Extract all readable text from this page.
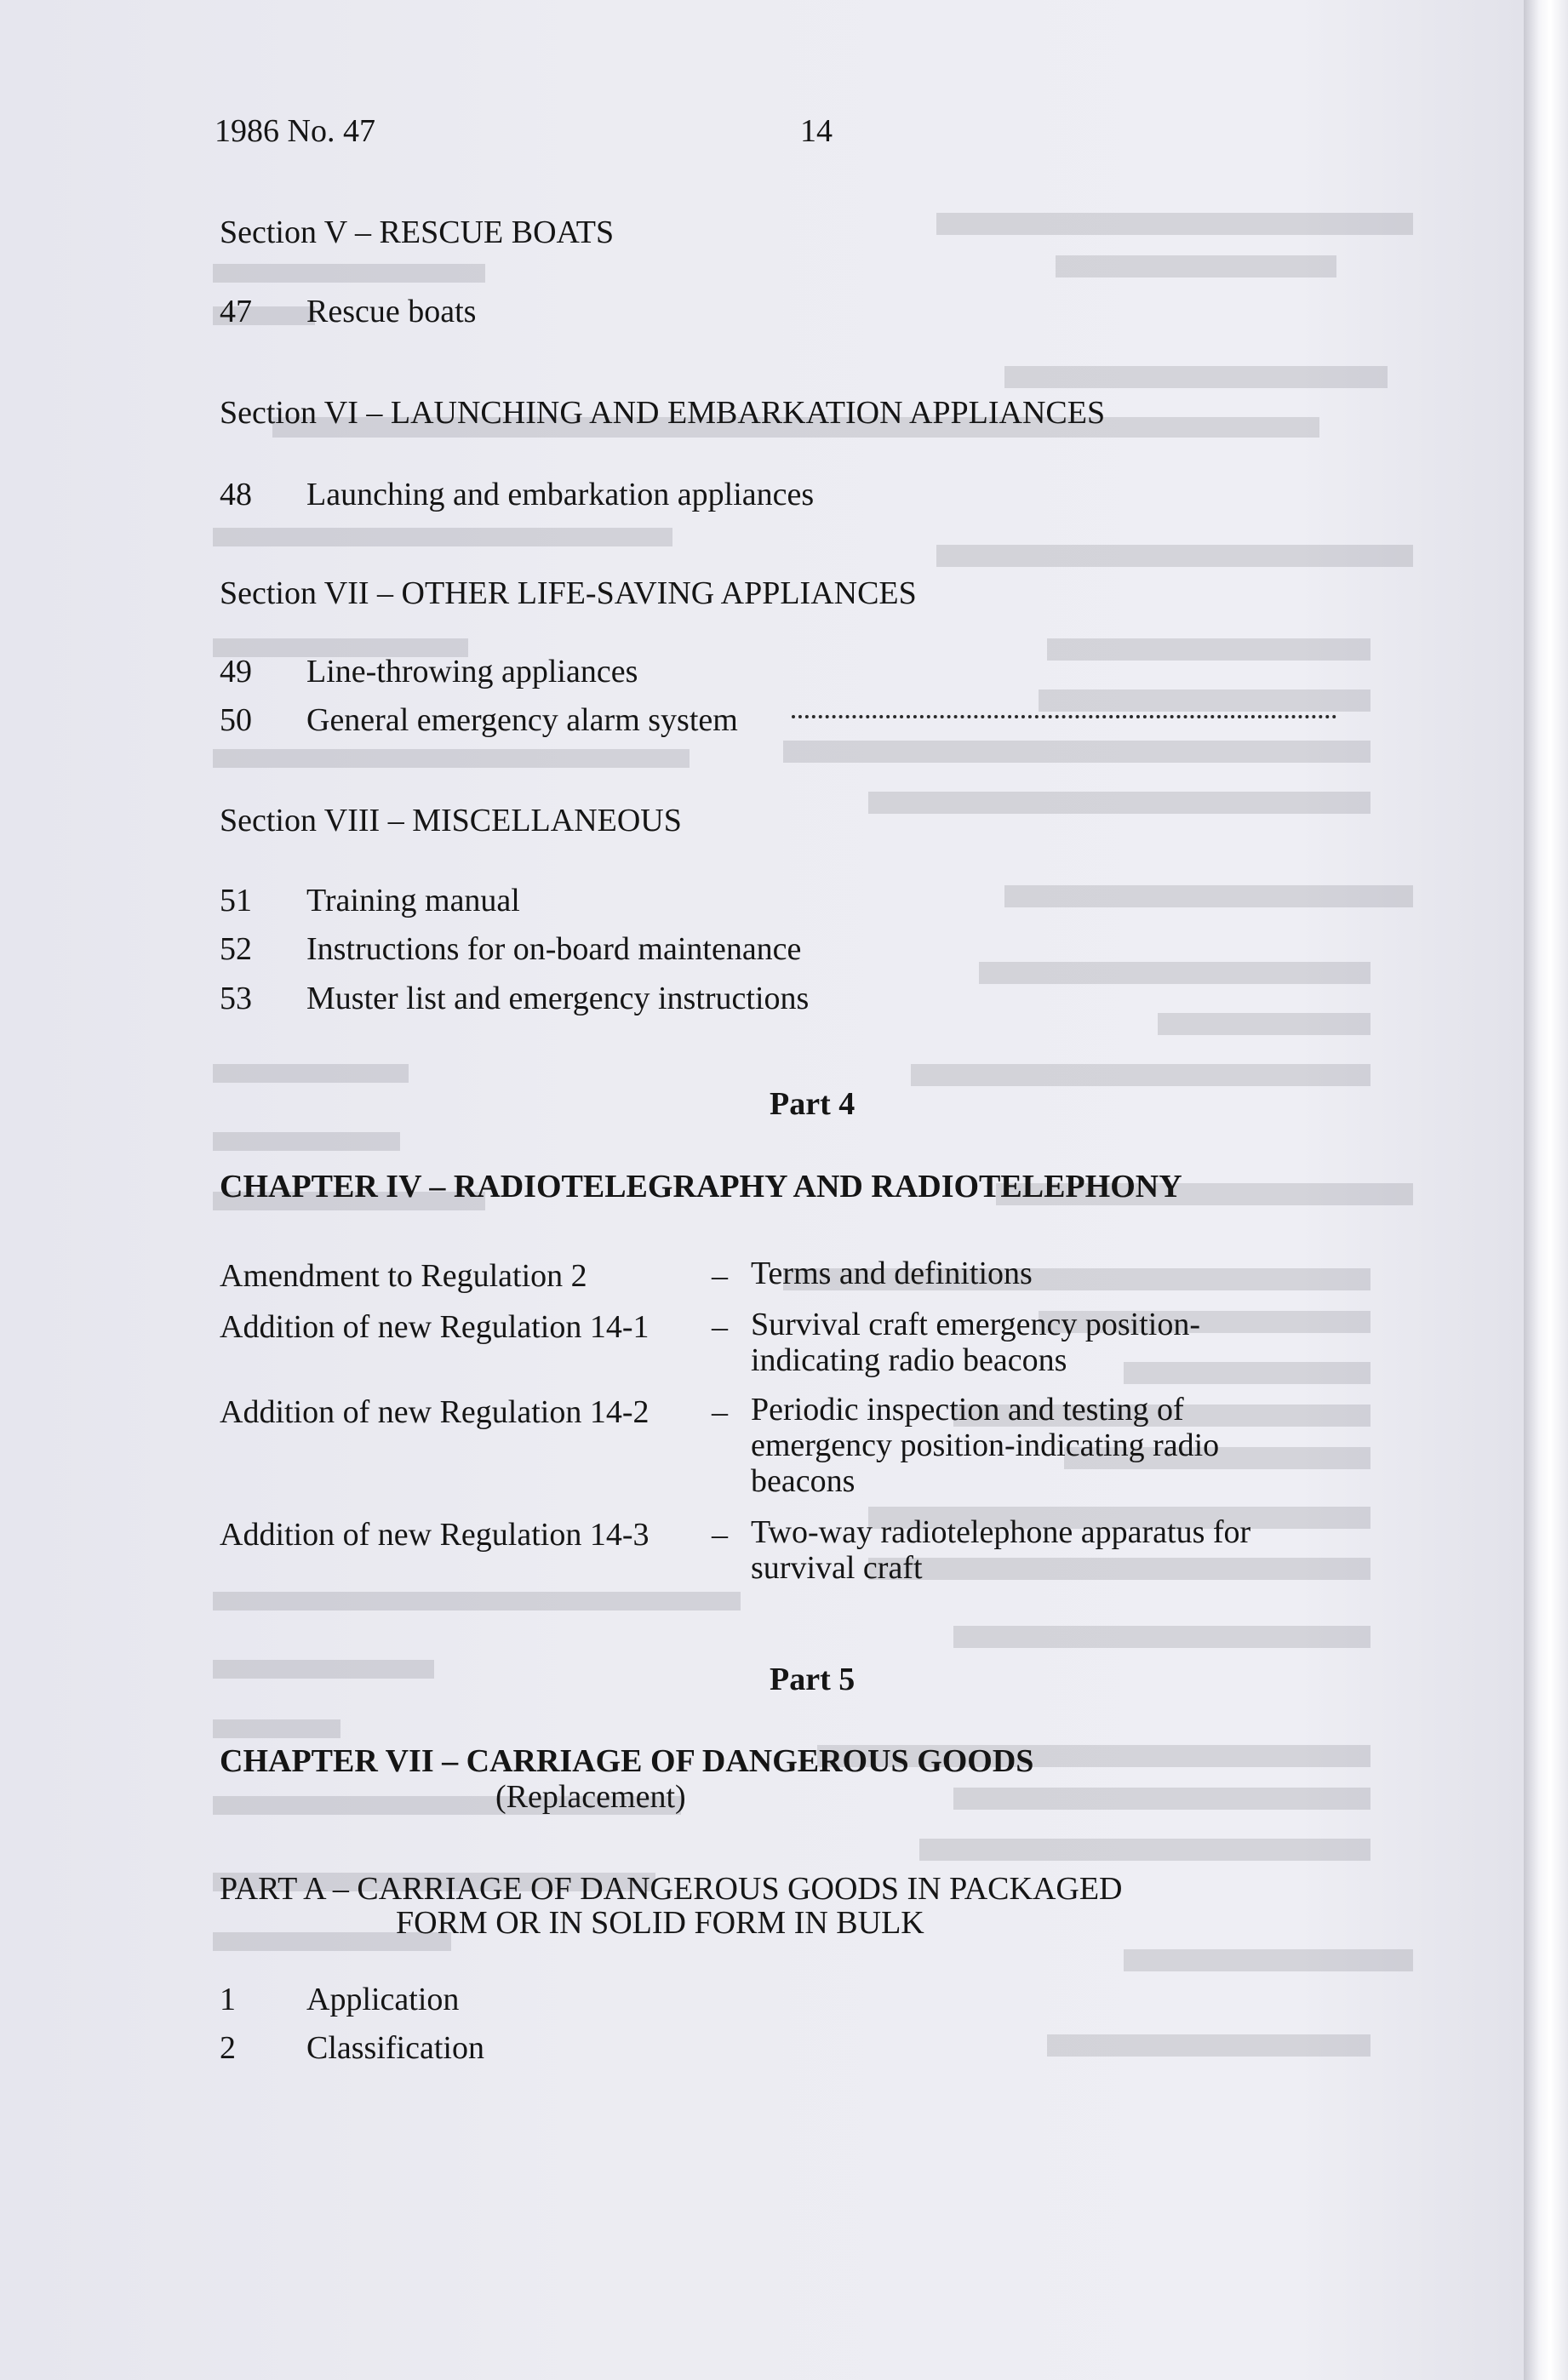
1986 No. 47	14
Section V – RESCUE BOATS
47	Rescue boats
Section VI – LAUNCHING AND EMBARKATION APPLIANCES
48	Launching and embarkation appliances
Section VII – OTHER LIFE-SAVING APPLIANCES
49	Line-throwing appliances
50	General emergency alarm system
Section VIII – MISCELLANEOUS
51	Training manual
52	Instructions for on-board maintenance
53	Muster list and emergency instructions
Part 4
CHAPTER IV – RADIOTELEGRAPHY AND RADIOTELEPHONY
Amendment to Regulation 2	– Terms and definitions
Addition of new Regulation 14-1 – Survival craft emergency position-indicating radio beacons
Addition of new Regulation 14-2 – Periodic inspection and testing of emergency position-indicating radio beacons
Addition of new Regulation 14-3 – Two-way radiotelephone apparatus for survival craft
Part 5
CHAPTER VII – CARRIAGE OF DANGEROUS GOODS
(Replacement)
PART A – CARRIAGE OF DANGEROUS GOODS IN PACKAGED
FORM OR IN SOLID FORM IN BULK
1	Application
2	Classification
